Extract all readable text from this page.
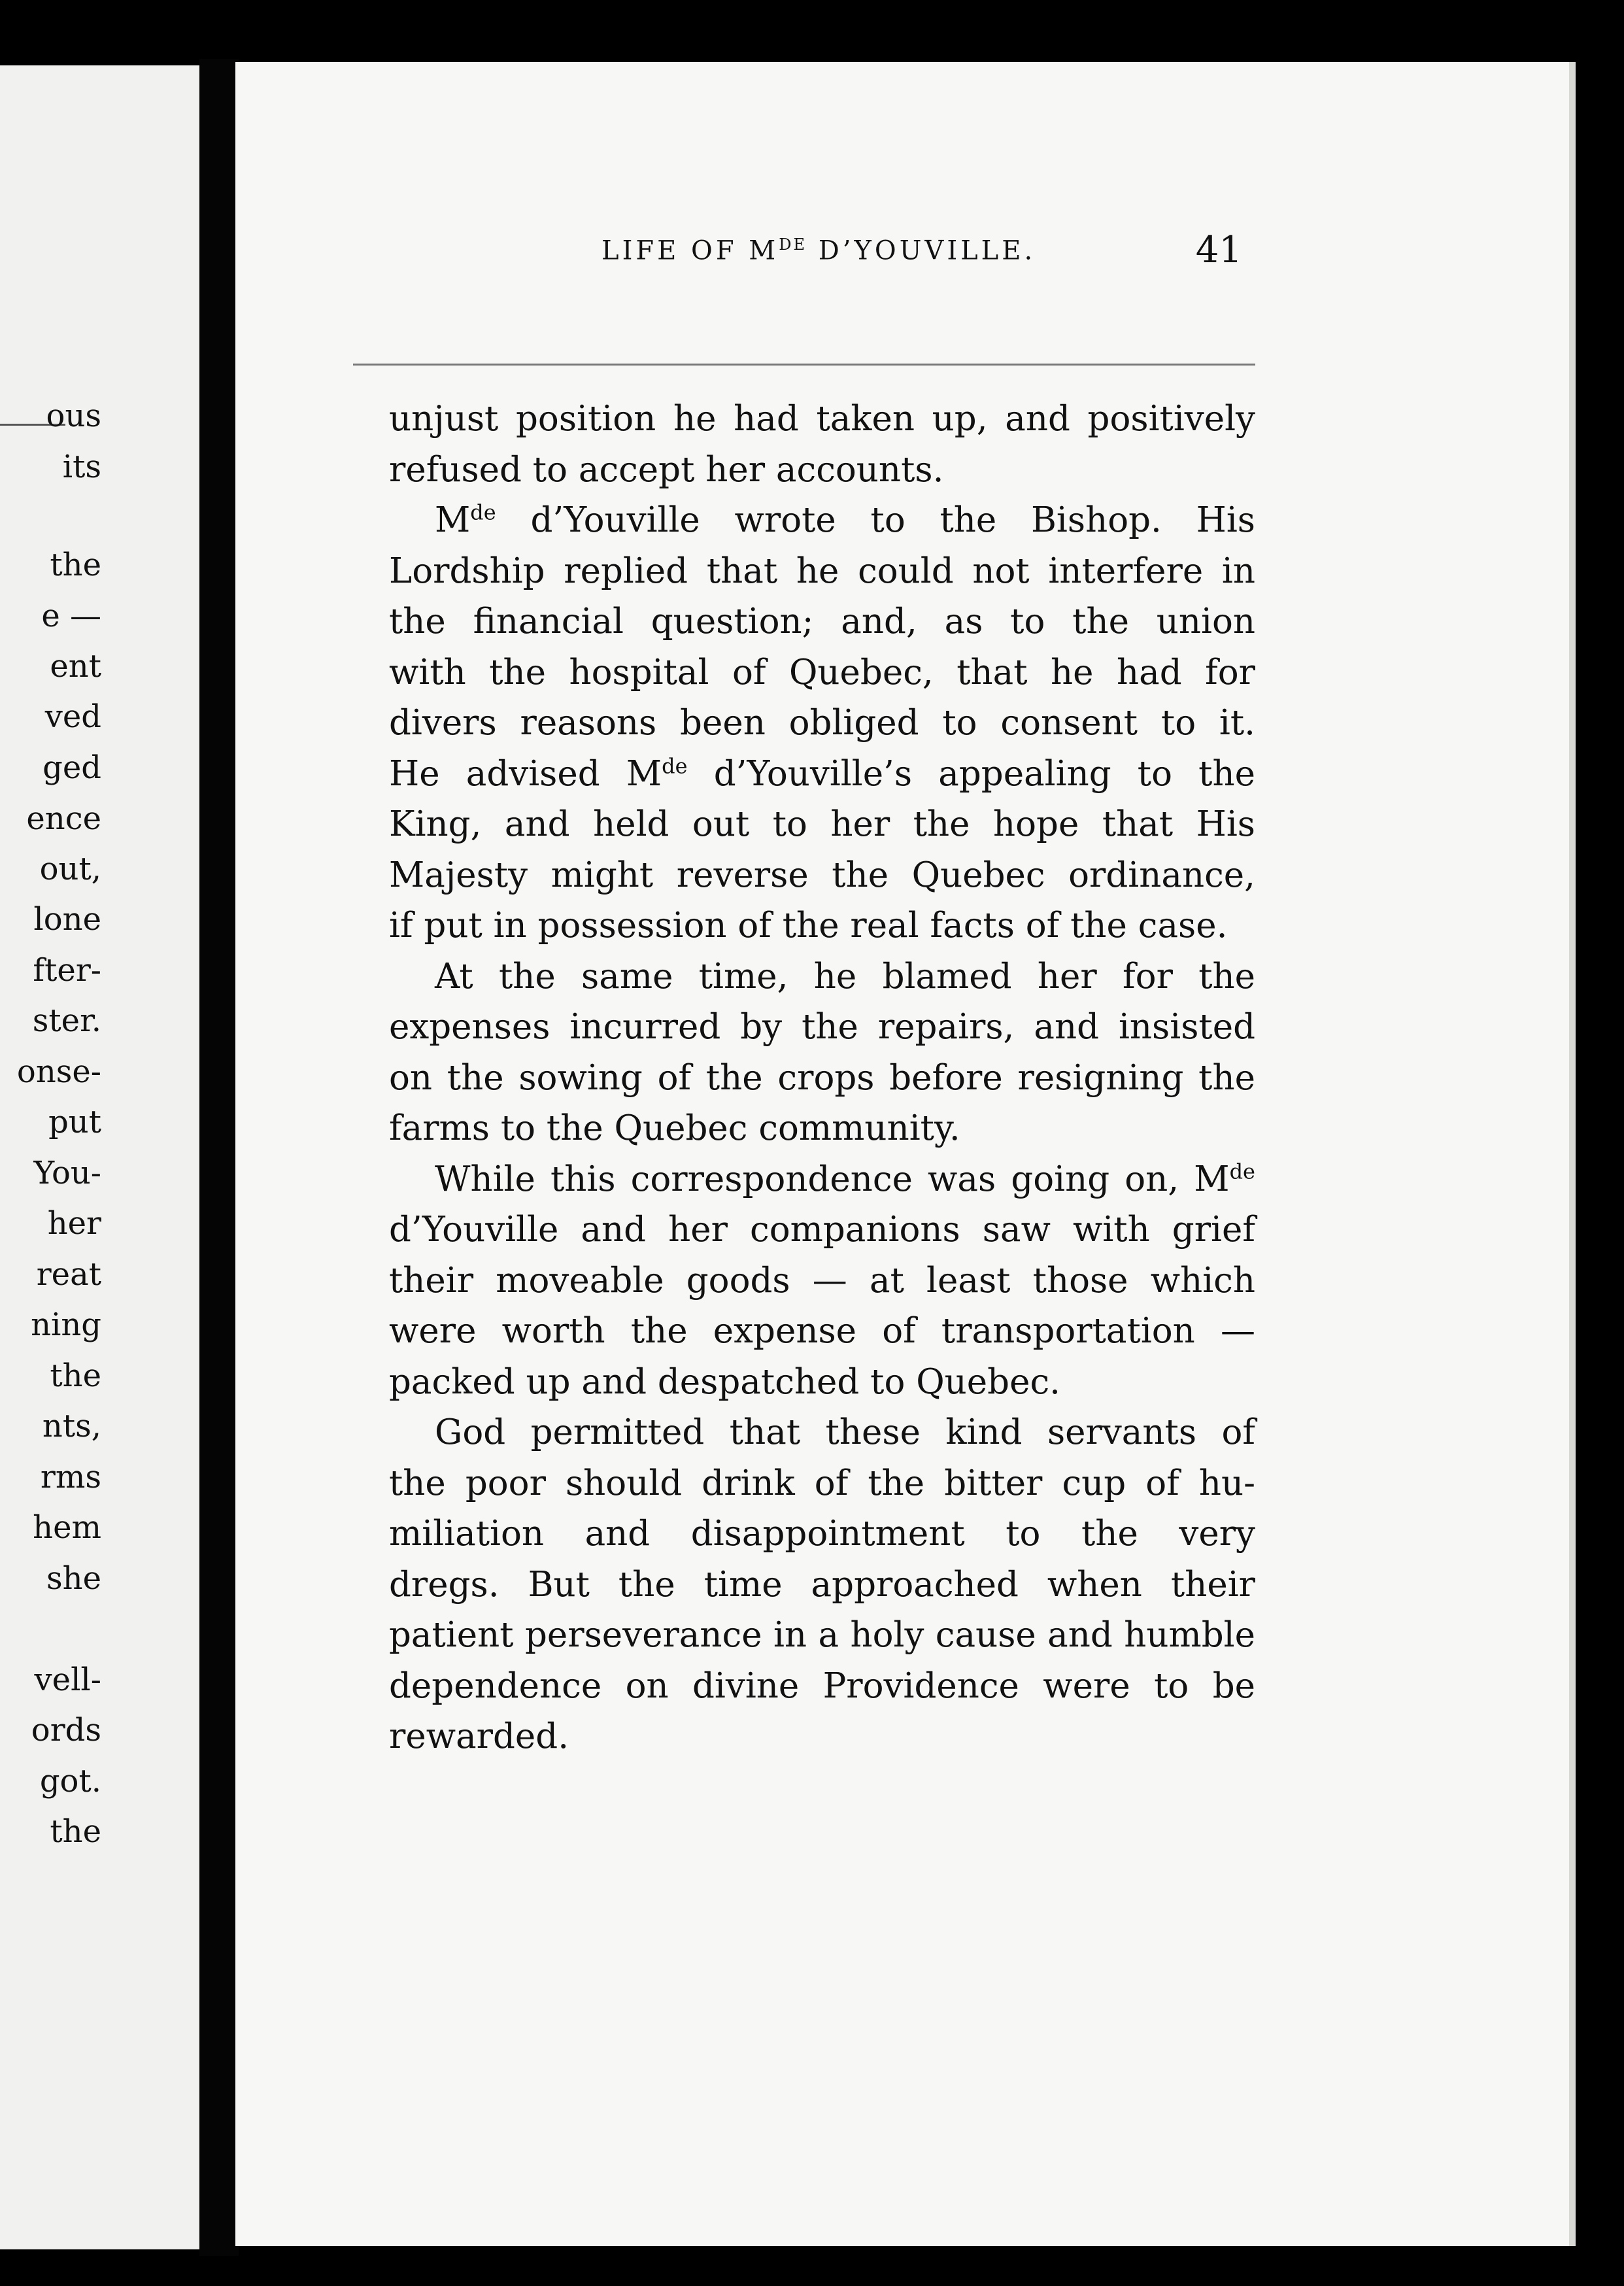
ous
its
the
e —
ent
ved
ged
ence
out,
lone
fter-
ster.
onse-
put
You-
her
reat
ning
the
nts,
rms
hem
she
vell-
ords
got.
the
LIFE OF MDE D’YOUVILLE.	41
unjust position he had taken up, and positively
refused to accept her accounts.
Mde d’Youville wrote to the Bishop. His
Lordship replied that he could not interfere in
the financial question; and, as to the union
with the hospital of Quebec, that he had for
divers reasons been obliged to consent to it.
He advised Mde d’Youville’s appealing to the
King, and held out to her the hope that His
Majesty might reverse the Quebec ordinance,
if put in possession of the real facts of the case.
At the same time, he blamed her for the
expenses incurred by the repairs, and insisted
on the sowing of the crops before resigning the
farms to the Quebec community.
While this correspondence was going on, Mde
d’Youville and her companions saw with grief
their moveable goods — at least those which
were worth the expense of transportation —
packed up and despatched to Quebec.
God permitted that these kind servants of
the poor should drink of the bitter cup of hu-
miliation and disappointment to the very
dregs. But the time approached when their
patient perseverance in a holy cause and humble
dependence on divine Providence were to be
rewarded.
